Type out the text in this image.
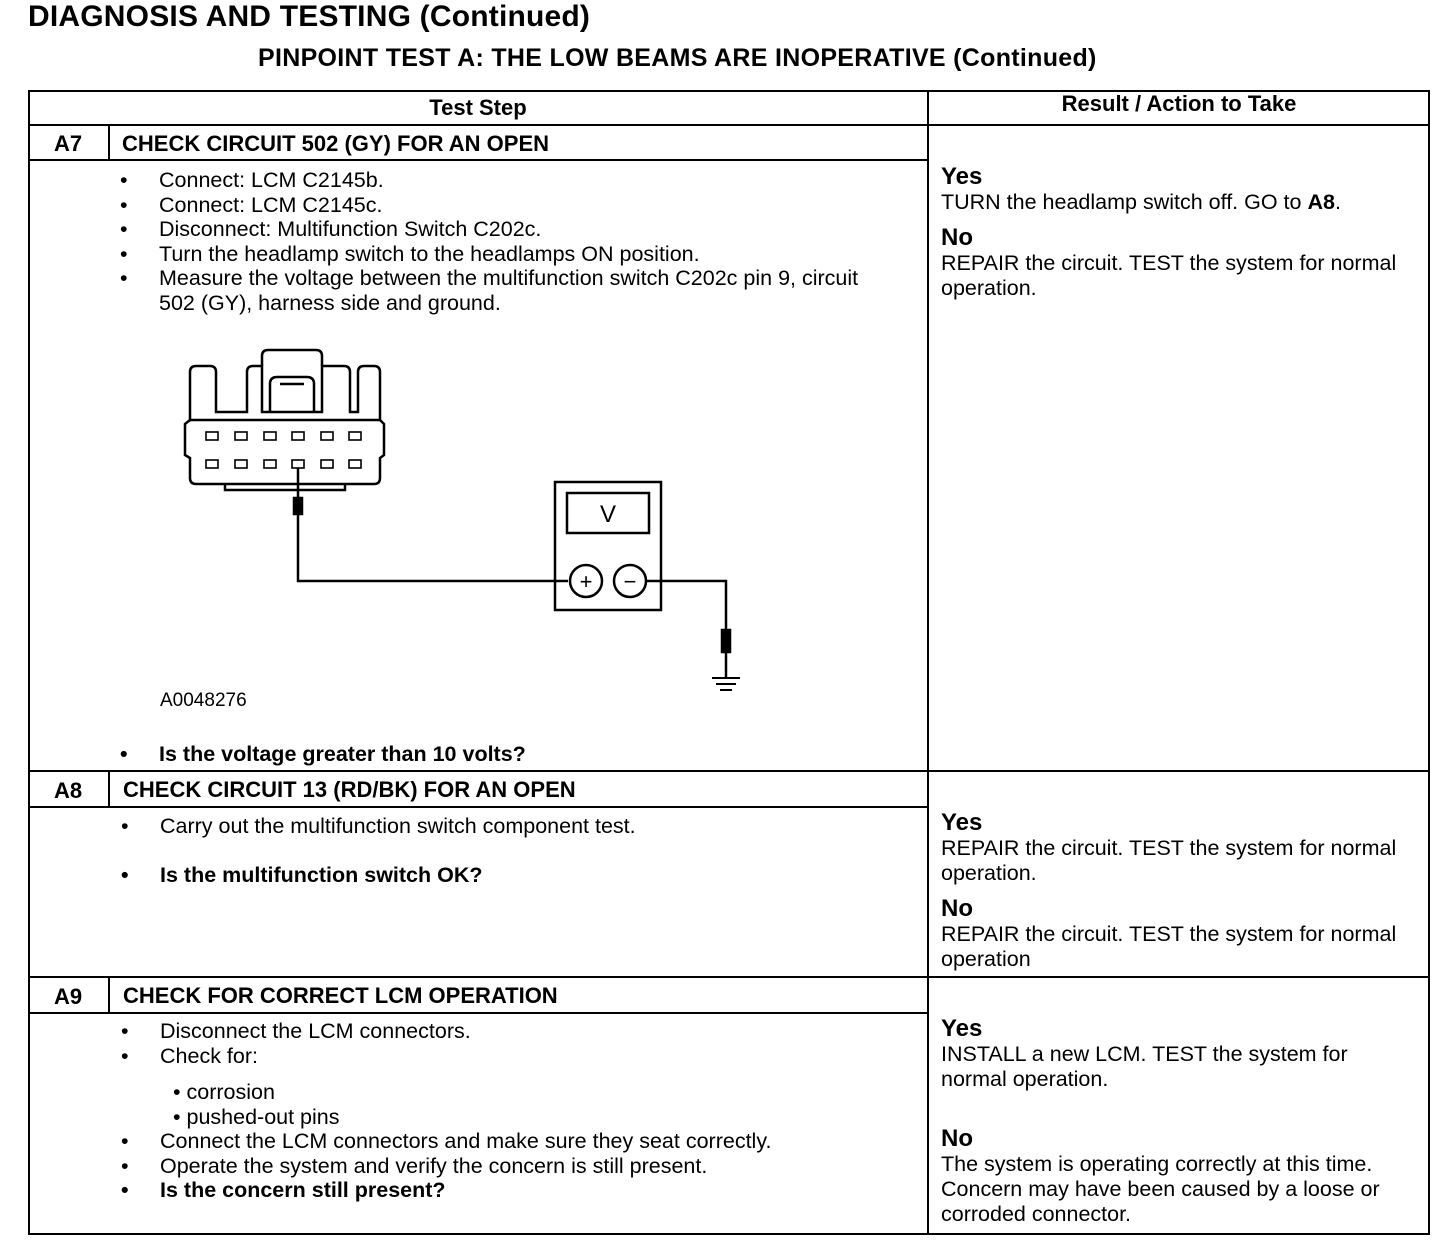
DIAGNOSIS AND TESTING (Continued)
PINPOINT TEST A: THE LOW BEAMS ARE INOPERATIVE (Continued)
Test Step	Result / Action to Take
A7	CHECK CIRCUIT 502 (GY) FOR AN OPEN
• Connect: LCM C2145b.
• Connect: LCM C2145c.
• Disconnect: Multifunction Switch C202c.
• Turn the headlamp switch to the headlamps ON position.
• Measure the voltage between the multifunction switch C202c pin 9, circuit 502 (GY), harness side and ground.
V
+ −
A0048276
• Is the voltage greater than 10 volts?
Yes
TURN the headlamp switch off. GO to A8.
No
REPAIR the circuit. TEST the system for normal operation.
A8	CHECK CIRCUIT 13 (RD/BK) FOR AN OPEN
• Carry out the multifunction switch component test.
• Is the multifunction switch OK?
Yes
REPAIR the circuit. TEST the system for normal operation.
No
REPAIR the circuit. TEST the system for normal operation
A9	CHECK FOR CORRECT LCM OPERATION
• Disconnect the LCM connectors.
• Check for:
• corrosion
• pushed-out pins
• Connect the LCM connectors and make sure they seat correctly.
• Operate the system and verify the concern is still present.
• Is the concern still present?
Yes
INSTALL a new LCM. TEST the system for normal operation.
No
The system is operating correctly at this time. Concern may have been caused by a loose or corroded connector.
